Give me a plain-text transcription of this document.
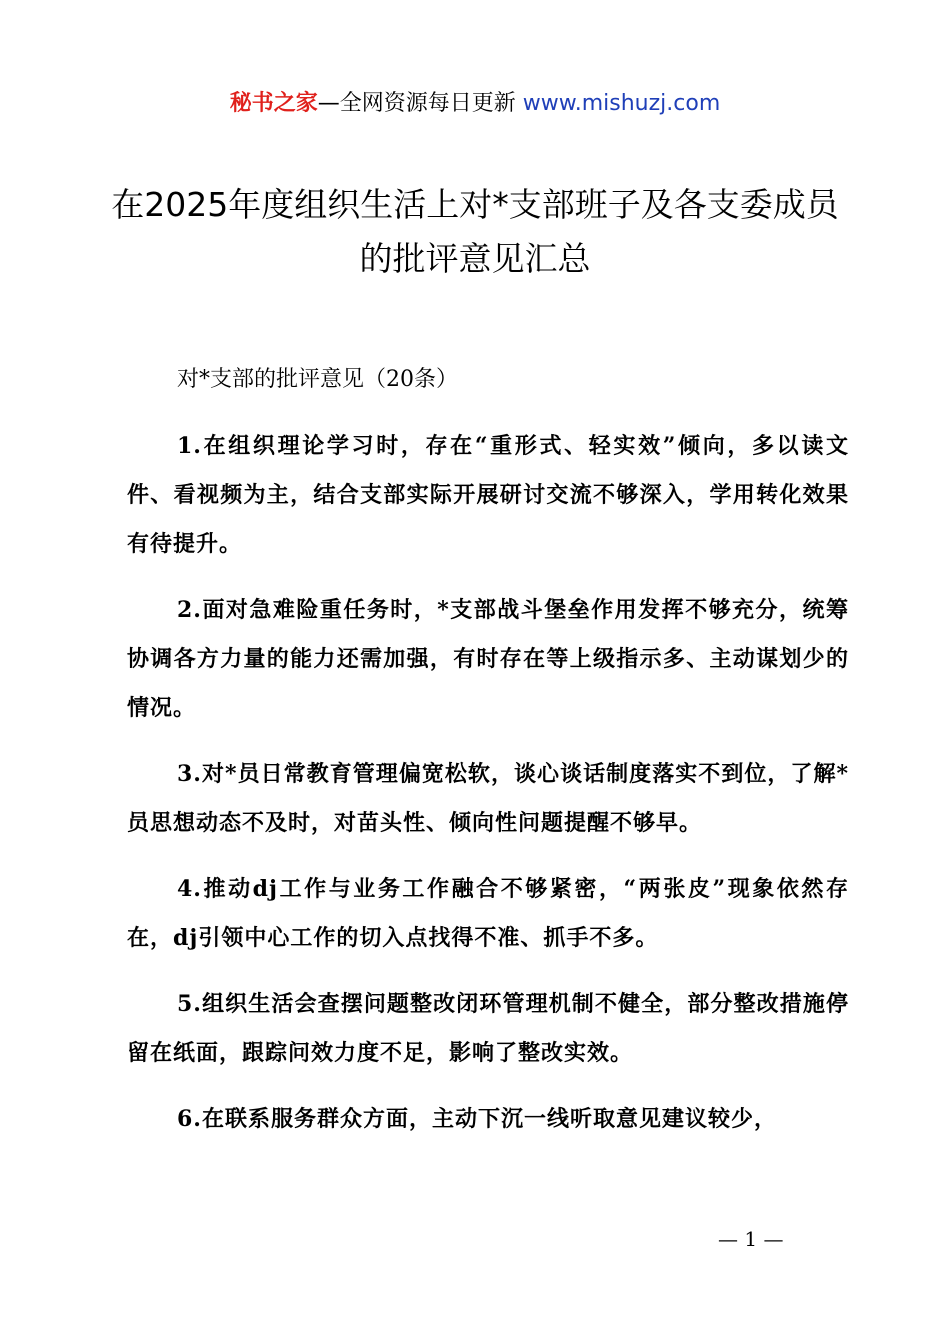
秘书之家—全网资源每日更新 www.mishuzj.com
在2025年度组织生活上对*支部班子及各支委成员的批评意见汇总
对*支部的批评意见（20条）

1.在组织理论学习时，存在“重形式、轻实效”倾向，多以读文件、看视频为主，结合支部实际开展研讨交流不够深入，学用转化效果有待提升。

2.面对急难险重任务时，*支部战斗堡垒作用发挥不够充分，统筹协调各方力量的能力还需加强，有时存在等上级指示多、主动谋划少的情况。

3.对*员日常教育管理偏宽松软，谈心谈话制度落实不到位，了解*员思想动态不及时，对苗头性、倾向性问题提醒不够早。

4.推动dj工作与业务工作融合不够紧密，“两张皮”现象依然存在，dj引领中心工作的切入点找得不准、抓手不多。

5.组织生活会查摆问题整改闭环管理机制不健全，部分整改措施停留在纸面，跟踪问效力度不足，影响了整改实效。

6.在联系服务群众方面，主动下沉一线听取意见建议较少，

— 1 —
